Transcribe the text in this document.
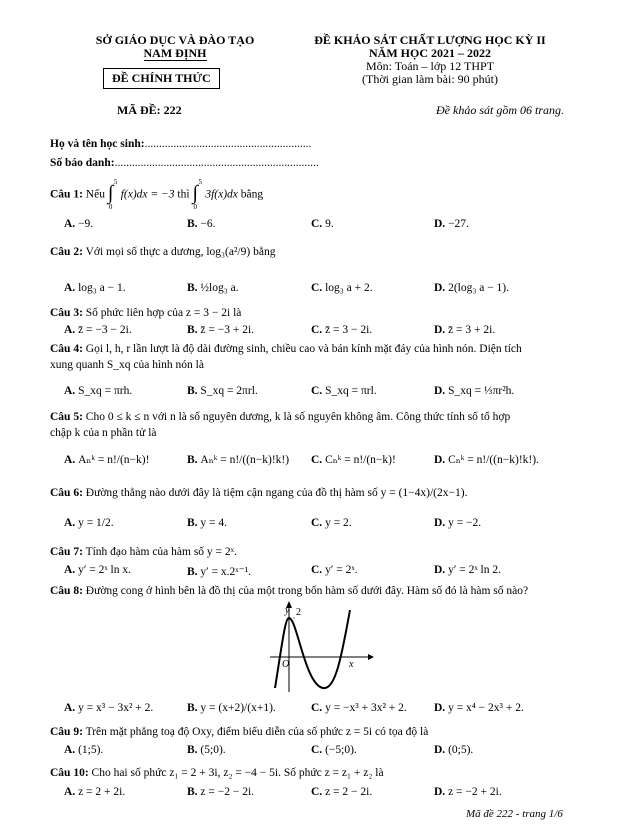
SỞ GIÁO DỤC VÀ ĐÀO TẠO
NAM ĐỊNH
ĐỀ CHÍNH THỨC
MÃ ĐỀ: 222
ĐỀ KHẢO SÁT CHẤT LƯỢNG HỌC KỲ II
NĂM HỌC 2021 – 2022
Môn: Toán – lớp 12 THPT
(Thời gian làm bài: 90 phút)
Đề khảo sát gồm 06 trang.
Họ và tên học sinh:..........................................................
Số báo danh:.......................................................................
Câu 1: Nếu ∫ 5
0
f(x)dx = −3 thì ∫ 5
0
3f(x)dx bằng
A. −9.	B. −6.	C. 9.	D. −27.
Câu 2: Với mọi số thực a dương, log₃(a²/9) bằng
A. log₃ a − 1.	B. ½log₃ a.	C. log₃ a + 2.	D. 2(log₃ a − 1).
Câu 3: Số phức liên hợp của z = 3 − 2i là
A. z̄ = −3 − 2i.	B. z̄ = −3 + 2i.	C. z̄ = 3 − 2i.	D. z̄ = 3 + 2i.
Câu 4: Gọi l, h, r lần lượt là độ dài đường sinh, chiều cao và bán kính mặt đáy của hình nón. Diện tích
xung quanh S_xq của hình nón là
A. S_xq = πrh.	B. S_xq = 2πrl.	C. S_xq = πrl.	D. S_xq = ⅓πr²h.
Câu 5: Cho 0 ≤ k ≤ n với n là số nguyên dương, k là số nguyên không âm. Công thức tính số tổ hợp
chập k của n phần tử là
A. Aₙᵏ = n!/(n−k)!	B. Aₙᵏ = n!/((n−k)!k!) C. Cₙᵏ = n!/(n−k)!	D. Cₙᵏ = n!/((n−k)!k!).
Câu 6: Đường thẳng nào dưới đây là tiệm cận ngang của đồ thị hàm số y = (1−4x)/(2x−1).
A. y = 1/2.	B. y = 4.	C. y = 2.	D. y = −2.
Câu 7: Tính đạo hàm của hàm số y = 2ˣ.
A. y′ = 2ˣ ln x.	B. y′ = x.2ˣ⁻¹.	C. y′ = 2ˣ.	D. y′ = 2ˣ ln 2.
Câu 8: Đường cong ở hình bên là đồ thị của một trong bốn hàm số dưới đây. Hàm số đó là hàm số nào?
y 2
O	x
A. y = x³ − 3x² + 2.	B. y = (x+2)/(x+1).	C. y = −x³ + 3x² + 2. D. y = x⁴ − 2x³ + 2.
Câu 9: Trên mặt phẳng toạ độ Oxy, điểm biểu diễn của số phức z = 5i có tọa độ là
A. (1;5).	B. (5;0).	C. (−5;0).	D. (0;5).
Câu 10: Cho hai số phức z₁ = 2 + 3i, z₂ = −4 − 5i. Số phức z = z₁ + z₂ là
A. z = 2 + 2i.	B. z = −2 − 2i.	C. z = 2 − 2i.	D. z = −2 + 2i.
Mã đề 222 - trang 1/6
